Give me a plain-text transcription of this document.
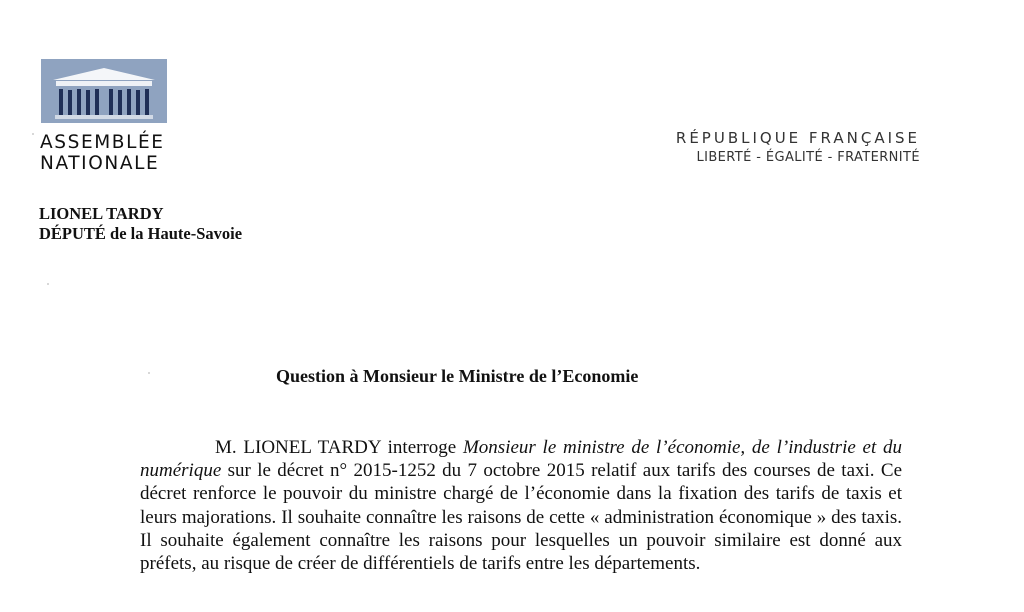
ASSEMBLÉE
NATIONALE
RÉPUBLIQUE FRANÇAISE
LIBERTÉ - ÉGALITÉ - FRATERNITÉ
LIONEL TARDY
DÉPUTÉ de la Haute-Savoie
Question à Monsieur le Ministre de l’Economie

M. LIONEL TARDY interroge Monsieur le ministre de l’économie, de l’industrie et du numérique sur le décret n° 2015-1252 du 7 octobre 2015 relatif aux tarifs des courses de taxi. Ce décret renforce le pouvoir du ministre chargé de l’économie dans la fixation des tarifs de taxis et leurs majorations. Il souhaite connaître les raisons de cette « administration économique » des taxis. Il souhaite également connaître les raisons pour lesquelles un pouvoir similaire est donné aux préfets, au risque de créer de différentiels de tarifs entre les départements.
